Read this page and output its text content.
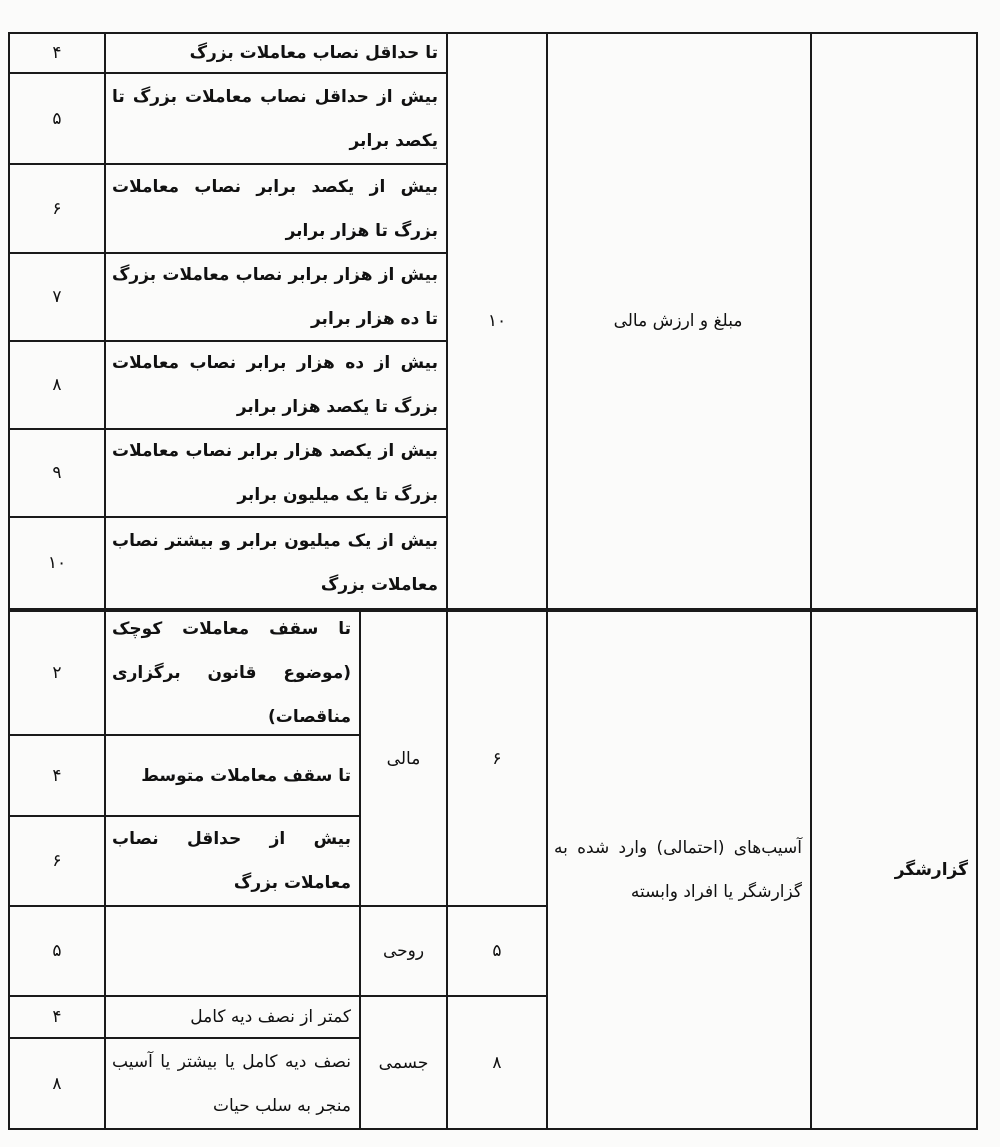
مبلغ و ارزش مالی
۱۰
تا حداقل نصاب معاملات بزرگ
۴
بیش از حداقل نصاب معاملات بزرگ تا یکصد برابر
۵
بیش از یکصد برابر نصاب معاملات بزرگ تا هزار برابر
۶
بیش از هزار برابر نصاب معاملات بزرگ تا ده هزار برابر
۷
بیش از ده هزار برابر نصاب معاملات بزرگ تا یکصد هزار برابر
۸
بیش از یکصد هزار برابر نصاب معاملات بزرگ تا یک میلیون برابر
۹
بیش از یک میلیون برابر و بیشتر نصاب معاملات بزرگ
۱۰
گزارشگر
آسیب‌های (احتمالی) وارد شده به گزارشگر یا افراد وابسته
۶
مالی
تا سقف معاملات کوچک (موضوع قانون برگزاری مناقصات)
۲
تا سقف معاملات متوسط
۴
بیش از حداقل نصاب معاملات بزرگ
۶
۵
روحی
۵
۸
جسمی
کمتر از نصف دیه کامل
۴
نصف دیه کامل یا بیشتر یا آسیب منجر به سلب حیات
۸
